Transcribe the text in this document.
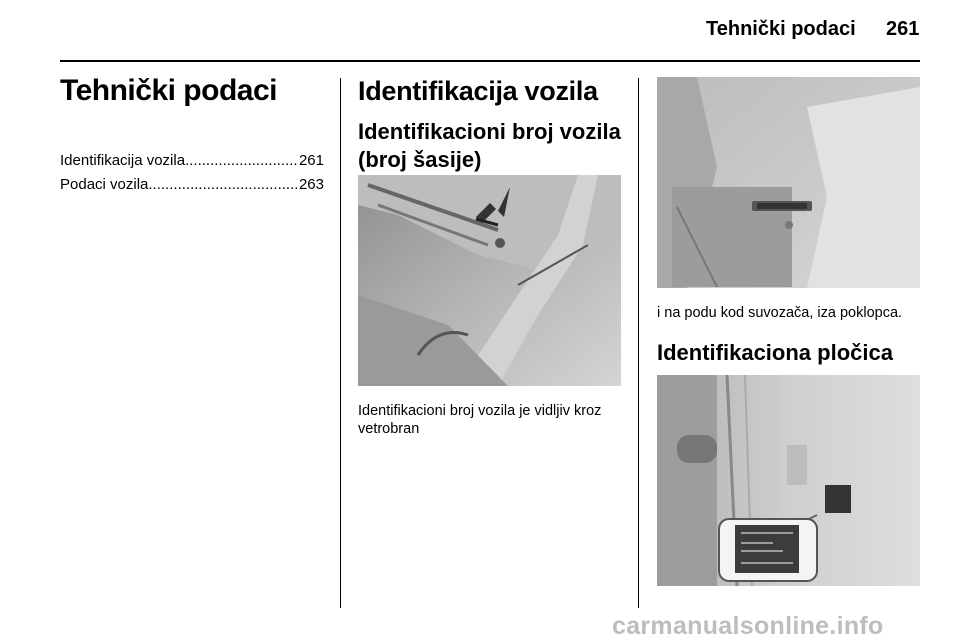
Tehnički podaci 261
Tehnički podaci
Identifikacija vozila .....	261
Podaci vozila .....	263
Identifikacija vozila
Identifikacioni broj vozila (broj šasije)
Identifikacioni broj vozila je vidljiv kroz vetrobran
i na podu kod suvozača, iza poklopca.
Identifikaciona pločica
carmanualsonline.info
